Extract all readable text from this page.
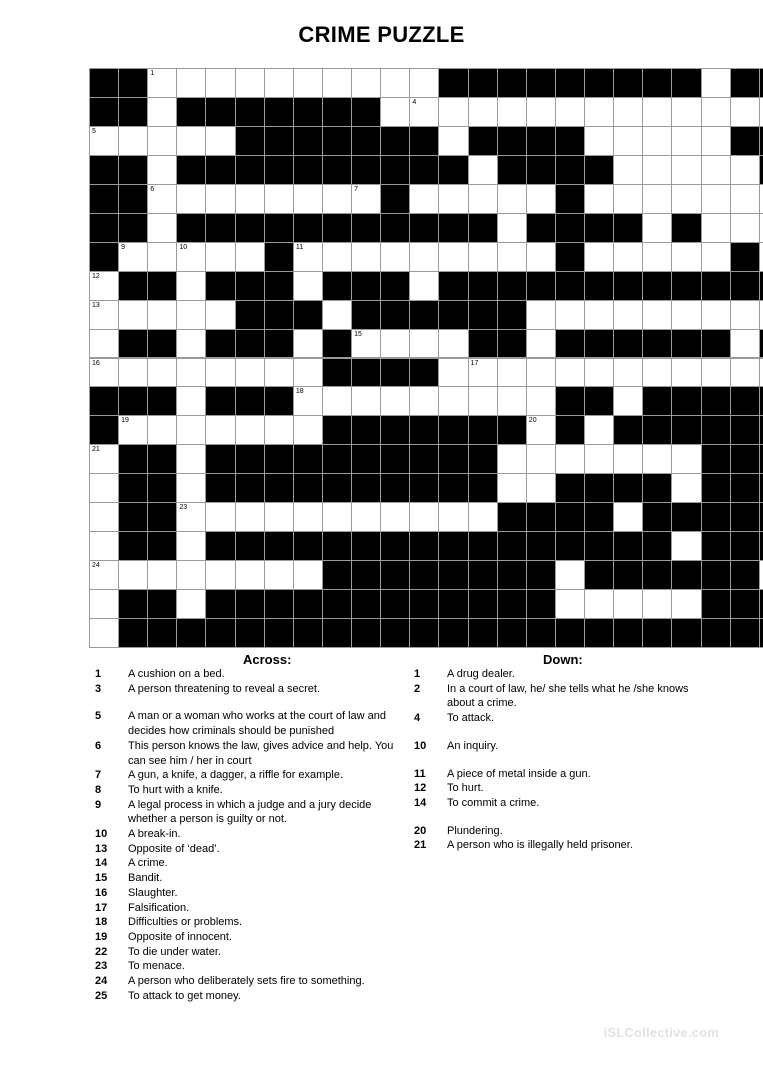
CRIME PUZZLE
1	2
3	4
5
6	7
8
9	10	11
12
13	14
15
16	17
18
19	20
21	22
23
24
25
Across:	Down:
1	A cushion on a bed.
3	A person threatening to reveal a secret.
5	A man or a woman who works at the court of law and decides how criminals should be punished
6	This person knows the law, gives advice and help. You can see him / her in court
7	A gun, a knife, a dagger, a riffle for example.
8	To hurt with a knife.
9	A legal process in which a judge and a jury decide whether a person is guilty or not.
10	A break-in.
13	Opposite of ‘dead’.
14	A crime.
15	Bandit.
16	Slaughter.
17	Falsification.
18	Difficulties or problems.
19	Opposite of innocent.
22	To die under water.
23	To menace.
24	A person who deliberately sets fire to something.
25	To attack to get money.
1	A drug dealer.
2	In a court of law, he/ she tells what he /she knows about a crime.
4	To attack.
10	An inquiry.
11	A piece of metal inside a gun.
12	To hurt.
14	To commit a crime.
20	Plundering.
21	A person who is illegally held prisoner.
iSLCollective.com
